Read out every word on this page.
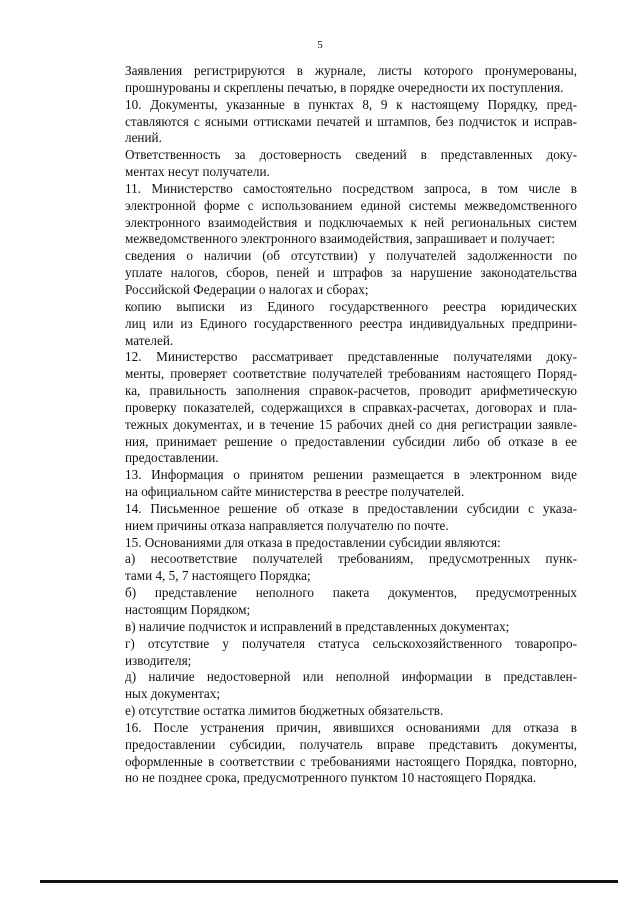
5

Заявления регистрируются в журнале, листы которого пронумерованы,
прошнурованы и скреплены печатью, в порядке очередности их поступления.

10. Документы, указанные в пунктах 8, 9 к настоящему Порядку, пред-
ставляются с ясными оттисками печатей и штампов, без подчисток и исправ-
лений.

Ответственность за достоверность сведений в представленных доку-
ментах несут получатели.

11. Министерство самостоятельно посредством запроса, в том числе в
электронной форме с использованием единой системы межведомственного
электронного взаимодействия и подключаемых к ней региональных систем
межведомственного электронного взаимодействия, запрашивает и получает:

сведения о наличии (об отсутствии) у получателей задолженности по
уплате налогов, сборов, пеней и штрафов за нарушение законодательства
Российской Федерации о налогах и сборах;

копию выписки из Единого государственного реестра юридических
лиц или из Единого государственного реестра индивидуальных предприни-
мателей.

12. Министерство рассматривает представленные получателями доку-
менты, проверяет соответствие получателей требованиям настоящего Поряд-
ка, правильность заполнения справок-расчетов, проводит арифметическую
проверку показателей, содержащихся в справках-расчетах, договорах и пла-
тежных документах, и в течение 15 рабочих дней со дня регистрации заявле-
ния, принимает решение о предоставлении субсидии либо об отказе в ее
предоставлении.

13. Информация о принятом решении размещается в электронном виде
на официальном сайте министерства в реестре получателей.

14. Письменное решение об отказе в предоставлении субсидии с указа-
нием причины отказа направляется получателю по почте.

15. Основаниями для отказа в предоставлении субсидии являются:

а) несоответствие получателей требованиям, предусмотренных пунк-
тами 4, 5, 7 настоящего Порядка;

б) представление неполного пакета документов, предусмотренных
настоящим Порядком;

в) наличие подчисток и исправлений в представленных документах;

г) отсутствие у получателя статуса сельскохозяйственного товаропро-
изводителя;

д) наличие недостоверной или неполной информации в представлен-
ных документах;

е) отсутствие остатка лимитов бюджетных обязательств.

16. После устранения причин, явившихся основаниями для отказа в
предоставлении субсидии, получатель вправе представить документы,
оформленные в соответствии с требованиями настоящего Порядка, повторно,
но не позднее срока, предусмотренного пунктом 10 настоящего Порядка.
